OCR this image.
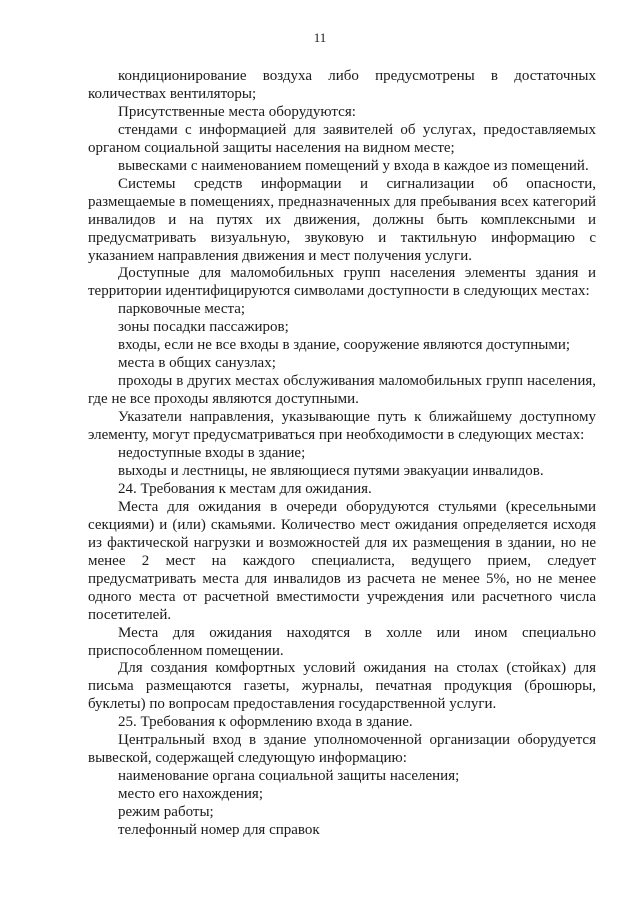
11

кондиционирование воздуха либо предусмотрены в достаточных количествах вентиляторы;

Присутственные места оборудуются:

стендами с информацией для заявителей об услугах, предоставляемых органом социальной защиты населения на видном месте;

вывесками с наименованием помещений у входа в каждое из помещений.

Системы средств информации и сигнализации об опасности, размещаемые в помещениях, предназначенных для пребывания всех категорий инвалидов и на путях их движения, должны быть комплексными и предусматривать визуальную, звуковую и тактильную информацию с указанием направления движения и мест получения услуги.

Доступные для маломобильных групп населения элементы здания и территории идентифицируются символами доступности в следующих местах:

парковочные места;

зоны посадки пассажиров;

входы, если не все входы в здание, сооружение являются доступными;

места в общих санузлах;

проходы в других местах обслуживания маломобильных групп населения, где не все проходы являются доступными.

Указатели направления, указывающие путь к ближайшему доступному элементу, могут предусматриваться при необходимости в следующих местах:

недоступные входы в здание;

выходы и лестницы, не являющиеся путями эвакуации инвалидов.

24. Требования к местам для ожидания.

Места для ожидания в очереди оборудуются стульями (кресельными секциями) и (или) скамьями. Количество мест ожидания определяется исходя из фактической нагрузки и возможностей для их размещения в здании, но не менее 2 мест на каждого специалиста, ведущего прием, следует предусматривать места для инвалидов из расчета не менее 5%, но не менее одного места от расчетной вместимости учреждения или расчетного числа посетителей.

Места для ожидания находятся в холле или ином специально приспособленном помещении.

Для создания комфортных условий ожидания на столах (стойках) для письма размещаются газеты, журналы, печатная продукция (брошюры, буклеты) по вопросам предоставления государственной услуги.

25. Требования к оформлению входа в здание.

Центральный вход в здание уполномоченной организации оборудуется вывеской, содержащей следующую информацию:

наименование органа социальной защиты населения;

место его нахождения;

режим работы;

телефонный номер для справок
